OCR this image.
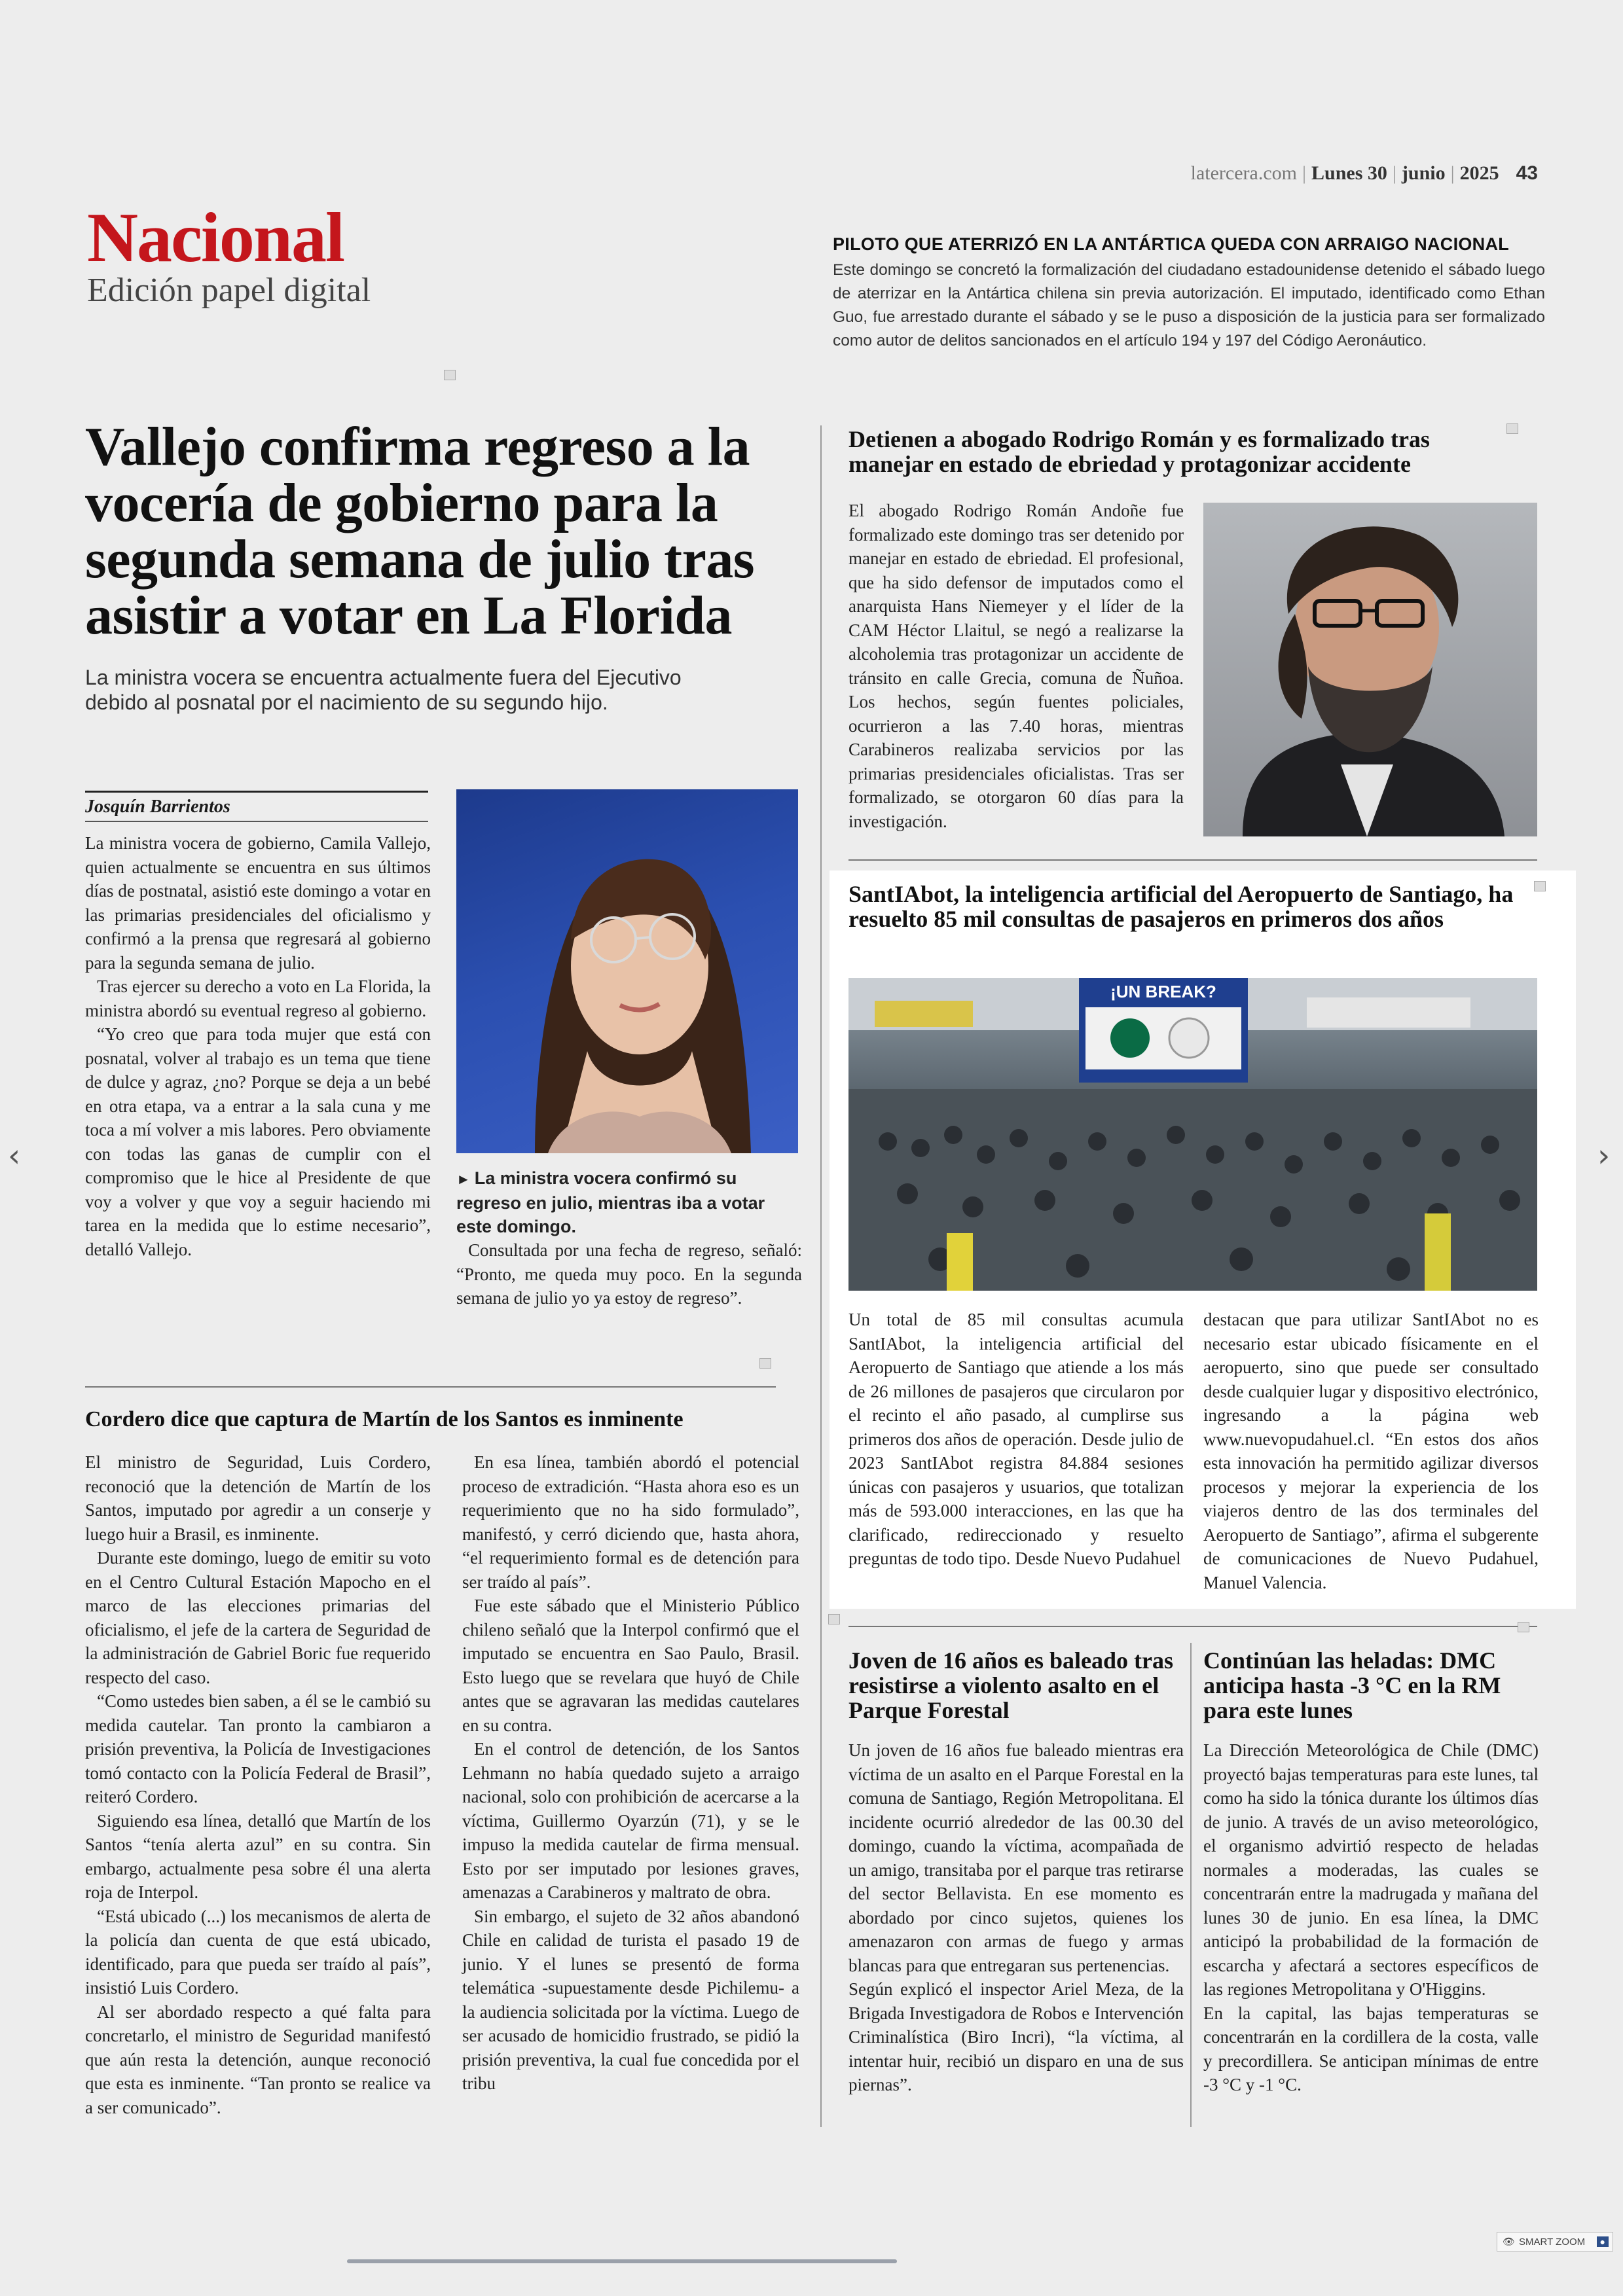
latercera.com | Lunes 30 | junio | 2025 43
Nacional
Edición papel digital
PILOTO QUE ATERRIZÓ EN LA ANTÁRTICA QUEDA CON ARRAIGO NACIONAL

Este domingo se concretó la formalización del ciudadano estadounidense detenido el sábado luego de aterrizar en la Antártica chilena sin previa autorización. El imputado, identificado como Ethan Guo, fue arrestado durante el sábado y se le puso a disposición de la justicia para ser formalizado como autor de delitos sancionados en el artículo 194 y 197 del Código Aeronáutico.

Vallejo confirma regreso a la vocería de gobierno para la segunda semana de julio tras asistir a votar en La Florida

La ministra vocera se encuentra actualmente fuera del Ejecutivo debido al posnatal por el nacimiento de su segundo hijo.

Josquín Barrientos

La ministra vocera de gobierno, Camila Vallejo, quien actualmente se encuentra en sus últimos días de postnatal, asistió este domingo a votar en las primarias presidenciales del oficialismo y confirmó a la prensa que regresará al gobierno para la segunda semana de julio.

Tras ejercer su derecho a voto en La Florida, la ministra abordó su eventual regreso al gobierno.

“Yo creo que para toda mujer que está con posnatal, volver al trabajo es un tema que tiene de dulce y agraz, ¿no? Porque se deja a un bebé en otra etapa, va a entrar a la sala cuna y me toca a mí volver a mis labores. Pero obviamente con todas las ganas de cumplir con el compromiso que le hice al Presidente de que voy a volver y que voy a seguir haciendo mi tarea en la medida que lo estime necesario”, detalló Vallejo.

► La ministra vocera confirmó su regreso en julio, mientras iba a votar este domingo.

Consultada por una fecha de regreso, señaló: “Pronto, me queda muy poco. En la segunda semana de julio yo ya estoy de regreso”.

Cordero dice que captura de Martín de los Santos es inminente

El ministro de Seguridad, Luis Cordero, reconoció que la detención de Martín de los Santos, imputado por agredir a un conserje y luego huir a Brasil, es inminente.

Durante este domingo, luego de emitir su voto en el Centro Cultural Estación Mapocho en el marco de las elecciones primarias del oficialismo, el jefe de la cartera de Seguridad de la administración de Gabriel Boric fue requerido respecto del caso.

“Como ustedes bien saben, a él se le cambió su medida cautelar. Tan pronto la cambiaron a prisión preventiva, la Policía de Investigaciones tomó contacto con la Policía Federal de Brasil”, reiteró Cordero.

Siguiendo esa línea, detalló que Martín de los Santos “tenía alerta azul” en su contra. Sin embargo, actualmente pesa sobre él una alerta roja de Interpol.

“Está ubicado (...) los mecanismos de alerta de la policía dan cuenta de que está ubicado, identificado, para que pueda ser traído al país”, insistió Luis Cordero.

Al ser abordado respecto a qué falta para concretarlo, el ministro de Seguridad manifestó que aún resta la detención, aunque reconoció que esta es inminente. “Tan pronto se realice va a ser comunicado”.

En esa línea, también abordó el potencial proceso de extradición. “Hasta ahora eso es un requerimiento que no ha sido formulado”, manifestó, y cerró diciendo que, hasta ahora, “el requerimiento formal es de detención para ser traído al país”.

Fue este sábado que el Ministerio Público chileno señaló que la Interpol confirmó que el imputado se encuentra en Sao Paulo, Brasil. Esto luego que se revelara que huyó de Chile antes que se agravaran las medidas cautelares en su contra.

En el control de detención, de los Santos Lehmann no había quedado sujeto a arraigo nacional, solo con prohibición de acercarse a la víctima, Guillermo Oyarzún (71), y se le impuso la medida cautelar de firma mensual. Esto por ser imputado por lesiones graves, amenazas a Carabineros y maltrato de obra.

Sin embargo, el sujeto de 32 años abandonó Chile en calidad de turista el pasado 19 de junio. Y el lunes se presentó de forma telemática -supuestamente desde Pichilemu- a la audiencia solicitada por la víctima. Luego de ser acusado de homicidio frustrado, se pidió la prisión preventiva, la cual fue concedida por el tribu

Detienen a abogado Rodrigo Román y es formalizado tras manejar en estado de ebriedad y protagonizar accidente

El abogado Rodrigo Román Andoñe fue formalizado este domingo tras ser detenido por manejar en estado de ebriedad. El profesional, que ha sido defensor de imputados como el anarquista Hans Niemeyer y el líder de la CAM Héctor Llaitul, se negó a realizarse la alcoholemia tras protagonizar un accidente de tránsito en calle Grecia, comuna de Ñuñoa. Los hechos, según fuentes policiales, ocurrieron a las 7.40 horas, mientras Carabineros realizaba servicios por las primarias presidenciales oficialistas. Tras ser formalizado, se otorgaron 60 días para la investigación.

SantIAbot, la inteligencia artificial del Aeropuerto de Santiago, ha resuelto 85 mil consultas de pasajeros en primeros dos años
¡UN BREAK?

Un total de 85 mil consultas acumula SantIAbot, la inteligencia artificial del Aeropuerto de Santiago que atiende a los más de 26 millones de pasajeros que circularon por el recinto el año pasado, al cumplirse sus primeros dos años de operación. Desde julio de 2023 SantIAbot registra 84.884 sesiones únicas con pasajeros y usuarios, que totalizan más de 593.000 interacciones, en las que ha clarificado, redireccionado y resuelto preguntas de todo tipo. Desde Nuevo Pudahuel

destacan que para utilizar SantIAbot no es necesario estar ubicado físicamente en el aeropuerto, sino que puede ser consultado desde cualquier lugar y dispositivo electrónico, ingresando a la página web www.nuevopudahuel.cl. “En estos dos años esta innovación ha permitido agilizar diversos procesos y mejorar la experiencia de los viajeros dentro de las dos terminales del Aeropuerto de Santiago”, afirma el subgerente de comunicaciones de Nuevo Pudahuel, Manuel Valencia.

Joven de 16 años es baleado tras resistirse a violento asalto en el Parque Forestal

Un joven de 16 años fue baleado mientras era víctima de un asalto en el Parque Forestal en la comuna de Santiago, Región Metropolitana. El incidente ocurrió alrededor de las 00.30 del domingo, cuando la víctima, acompañada de un amigo, transitaba por el parque tras retirarse del sector Bellavista. En ese momento es abordado por cinco sujetos, quienes los amenazaron con armas de fuego y armas blancas para que entregaran sus pertenencias.

Según explicó el inspector Ariel Meza, de la Brigada Investigadora de Robos e Intervención Criminalística (Biro Incri), “la víctima, al intentar huir, recibió un disparo en una de sus piernas”.

Continúan las heladas: DMC anticipa hasta -3 °C en la RM para este lunes

La Dirección Meteorológica de Chile (DMC) proyectó bajas temperaturas para este lunes, tal como ha sido la tónica durante los últimos días de junio. A través de un aviso meteorológico, el organismo advirtió respecto de heladas normales a moderadas, las cuales se concentrarán entre la madrugada y mañana del lunes 30 de junio. En esa línea, la DMC anticipó la probabilidad de la formación de escarcha y afectará a sectores específicos de las regiones Metropolitana y O'Higgins.

En la capital, las bajas temperaturas se concentrarán en la cordillera de la costa, valle y precordillera. Se anticipan mínimas de entre -3 °C y -1 °C.

‹	›
👁 SMART ZOOM	●
